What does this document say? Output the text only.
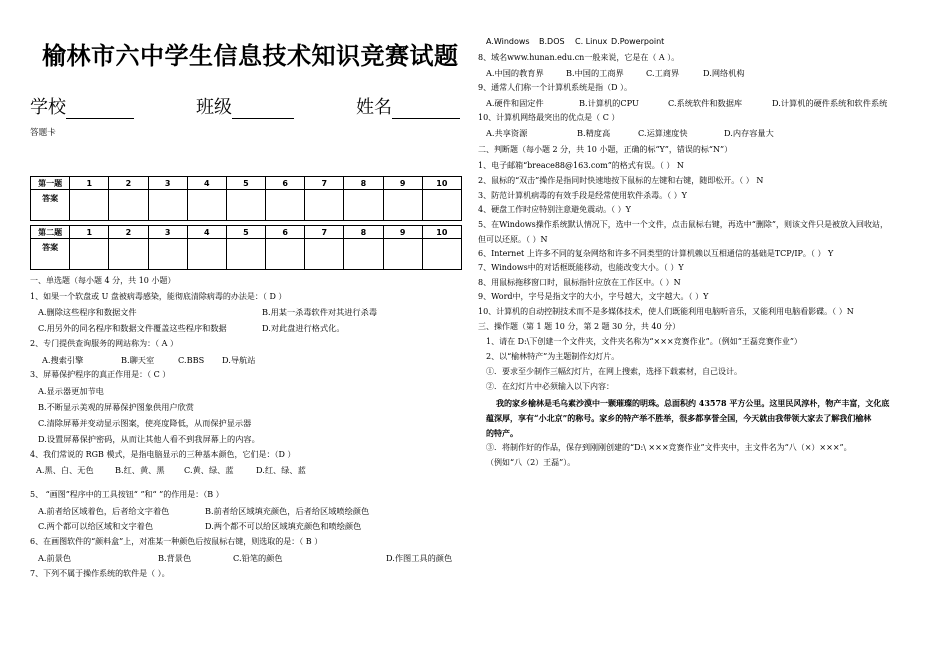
榆林市六中学生信息技术知识竞赛试题
学校	班级	姓名
答题卡
第一题	1	2	3	4	5	6	7	8	9	10
答案										

第二题	1	2	3	4	5	6	7	8	9	10
答案										
一、单选题（每小题 4 分，共 10 小题）
1、如果一个软盘或 U 盘被病毒感染，能彻底清除病毒的办法是：（ D ）
A.删除这些程序和数据文件	B.用某一杀毒软件对其进行杀毒
C.用另外的同名程序和数据文件覆盖这些程序和数据	D.对此盘进行格式化。
2、专门提供查询服务的网站称为：（ A ）
A.搜索引擎	B.聊天室	C.BBS D.导航站
3、屏幕保护程序的真正作用是：（ C ）
A.显示器更加节电
B.不断显示美观的屏幕保护图象供用户欣赏
C.清除屏幕并变动显示图案，使亮度降低，从而保护显示器
D.设置屏幕保护密码，从而让其他人看不到我屏幕上的内容。
4、我们常说的 RGB 模式，是指电脑显示的三种基本颜色，它们是：（D ）
A.黑、白、无色	B.红、黄、黑 C.黄、绿、蓝	D.红、绿、蓝
5、 “画图”程序中的工具按钮“ ”和“ ”的作用是：（B ）
A.前者给区域着色，后者给文字着色	B.前者给区域填充颜色，后者给区域喷绘颜色
C.两个都可以给区域和文字着色	D.两个都不可以给区域填充颜色和喷绘颜色
6、在画图软件的“颜料盒”上，对准某一种颜色后按鼠标右键，则选取的是：（ B ）
A.前景色	B.背景色	C.铅笔的颜色	D.作图工具的颜色
7、下列不属于操作系统的软件是（ ）。
A.Windows B.DOS C. Linux D.Powerpoint
8、域名www.hunan.edu.cn一般来说，它是在（ A ）。
A.中国的教育界	B.中国的工商界	C.工商界	D.网络机构
9、通常人们称一个计算机系统是指（D ）。
A.硬件和固定件	B.计算机的CPU	C.系统软件和数据库	D.计算机的硬件系统和软件系统
10、计算机网络最突出的优点是（ C ）
A.共享资源	B.精度高	C.运算速度快	D.内存容量大
二、判断题（每小题 2 分，共 10 小题，正确的标“Y”，错误的标“N”）
1、电子邮箱“breace88@163.com”的格式有误。（ ） N
2、鼠标的“双击”操作是指同时快速地按下鼠标的左键和右键，随即松开。（ ） N
3、防范计算机病毒的有效手段是经常使用软件杀毒。（ ）Y
4、硬盘工作时应特别注意避免震动。（ ）Y
5、在Windows操作系统默认情况下，选中一个文件，点击鼠标右键，再选中“删除”，则该文件只是被放入回收站，
但可以还原。（ ）N
6、Internet 上许多不同的复杂网络和许多不同类型的计算机赖以互相通信的基础是TCP/IP。（ ） Y
7、Windows中的对话框既能移动，也能改变大小。（ ）Y
8、用鼠标拖移窗口时，鼠标指针应放在工作区中。（ ）N
9、Word中，字号是指文字的大小，字号越大，文字越大。（ ）Y
10、计算机的自动控制技术而不是多媒体技术，使人们既能利用电脑听音乐，又能利用电脑看影碟。（ ）N
三、操作题（第 1 题 10 分，第 2 题 30 分，共 40 分）
1、请在 D:\下创建一个文件夹，文件夹名称为“×××竞赛作业”。（例如“王磊竞赛作业”）
2、以“榆林特产”为主题制作幻灯片。
①．要求至少制作三幅幻灯片，在网上搜索，选择下载素材，自己设计。
②．在幻灯片中必须输入以下内容：
我的家乡榆林是毛乌素沙漠中一颗璀璨的明珠。总面积约 43578 平方公里。这里民风淳朴，物产丰富，文化底
蕴深厚，享有“小北京”的称号。家乡的特产举不胜举，很多都享誉全国，今天就由我带领大家去了解我们榆林
的特产。
③．将制作好的作品，保存到刚刚创建的“D:\ ×××竞赛作业”文件夹中，主文件名为“八（×）×××”。
（例如“八（2）王磊”）。
